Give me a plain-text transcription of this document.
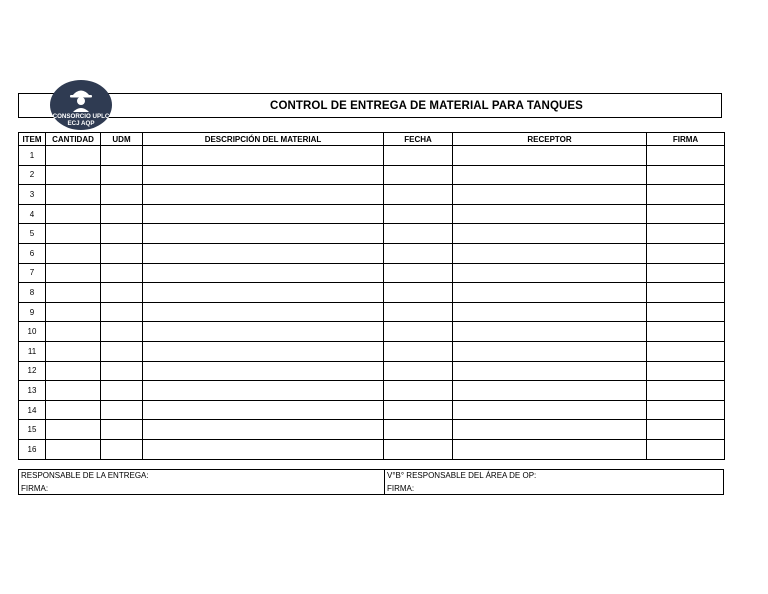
CONTROL DE ENTREGA DE MATERIAL PARA TANQUES
CONSORCIO UPLC
ECJ AQP
ITEM	CANTIDAD	UDM	DESCRIPCIÓN DEL MATERIAL	FECHA	RECEPTOR	FIRMA
1						
2						
3						
4						
5						
6						
7						
8						
9						
10						
11						
12						
13						
14						
15						
16						
RESPONSABLE DE LA ENTREGA:
FIRMA:
V°B° RESPONSABLE DEL ÁREA DE OP:
FIRMA:
